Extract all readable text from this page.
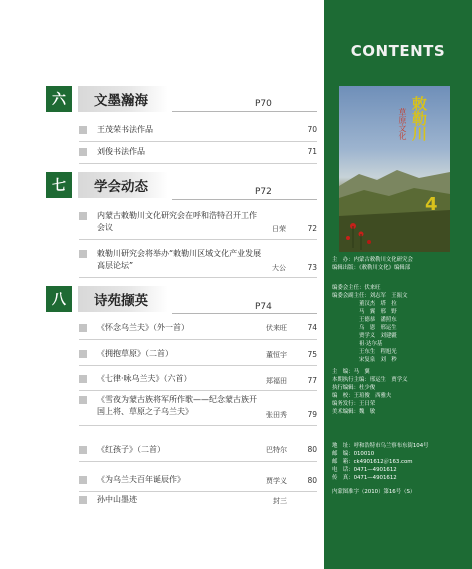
六	文墨瀚海	P70
王茂荣书法作品	70
刘俊书法作品	71
七	学会动态	P72
内蒙古敕勒川文化研究会在呼和浩特召开工作会议	日荣	72
敕勒川研究会将举办“敕勒川区域文化产业发展高层论坛”	大公	73
八	诗苑撷英	P74
《怀念乌兰夫》（外一首）	伏来旺	74
《拥抱草原》（二首）	董恒宇	75
《七律·咏乌兰夫》（六首）	郑福田	77
《雪夜为蒙古族将军所作歌——纪念蒙古族开国上将、草原之子乌兰夫》	张田秀	79
《红孩子》（二首）	巴特尔	80
《为乌兰夫百年诞辰作》	贾学义	80
孙中山墨迹	封三
CONTENTS
敕勒川
草原文化
4
主　办：内蒙古敕勒川文化研究会
编辑出版：《敕勒川文化》编辑部
编委会主任：伏来旺
编委会副主任：刘志军　王振文
　　　　　董汉杰　塔　拉
　　　　　马　翼　邢　野
　　　　　王德恭　潘照东
　　　　　乌　恩　邢运生
　　　　　贾学义　刘建疆
　　　　　祖·达尔基
　　　　　王东生　程旭光
　　　　　宋复泉　刘　秒
主　编：马　翼
本期执行主编：邢运生　贾学义
执行编辑：杜少俊
编　校：王瑄俊　西雅夫
编务发行：王日荣
美术编辑：魏　敏
地　址：呼和浩特市乌兰察布东街104号
邮　编：010010
邮　箱：ck4901612＠163.com
电　话：0471—4901612
传　真：0471—4901612
内蒙图准字（2010）第16号（S）
